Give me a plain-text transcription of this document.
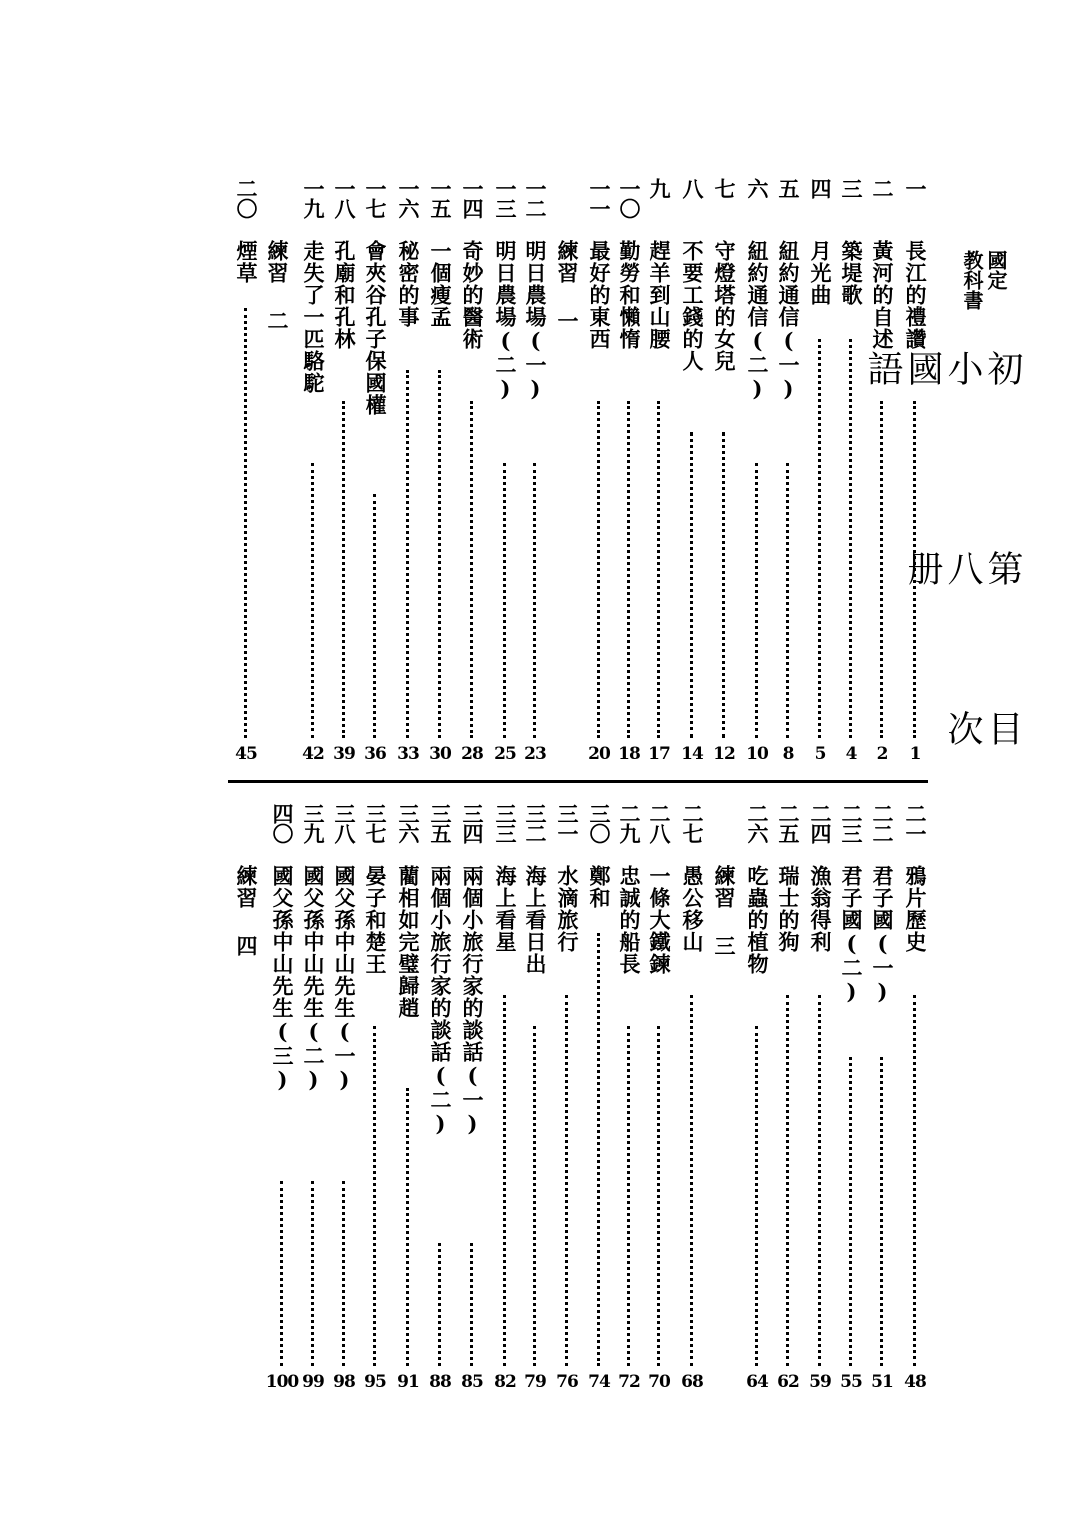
國定
教科書
初小國語
第八册
目次
一
長江的禮讚
1
二
黃河的自述
2
三
築堤歌
4
四
月光曲
5
五
紐約通信(一)
8
六
紐約通信(二)
10
七
守燈塔的女兒
12
八
不要工錢的人
14
九
趕羊到山腰
17
一〇
勤勞和懶惰
18
一一
最好的東西
20
練習 一
一二
明日農場(一)
23
一三
明日農場(二)
25
一四
奇妙的醫術
28
一五
一個瘦孟
30
一六
秘密的事
33
一七
會夾谷孔子保國權
36
一八
孔廟和孔林
39
一九
走失了一匹駱駝
42
練習 二
二〇
煙草
45
二一
鴉片歷史
48
二二
君子國(一)
51
二三
君子國(二)
55
二四
漁翁得利
59
二五
瑞士的狗
62
二六
吃蟲的植物
64
練習 三
二七
愚公移山
68
二八
一條大鐵鍊
70
二九
忠誠的船長
72
三〇
鄭和
74
三一
水滴旅行
76
三二
海上看日出
79
三三
海上看星
82
三四
兩個小旅行家的談話(一)
85
三五
兩個小旅行家的談話(二)
88
三六
藺相如完璧歸趙
91
三七
晏子和楚王
95
三八
國父孫中山先生(一)
98
三九
國父孫中山先生(二)
99
四〇
國父孫中山先生(三)
100
練習 四
